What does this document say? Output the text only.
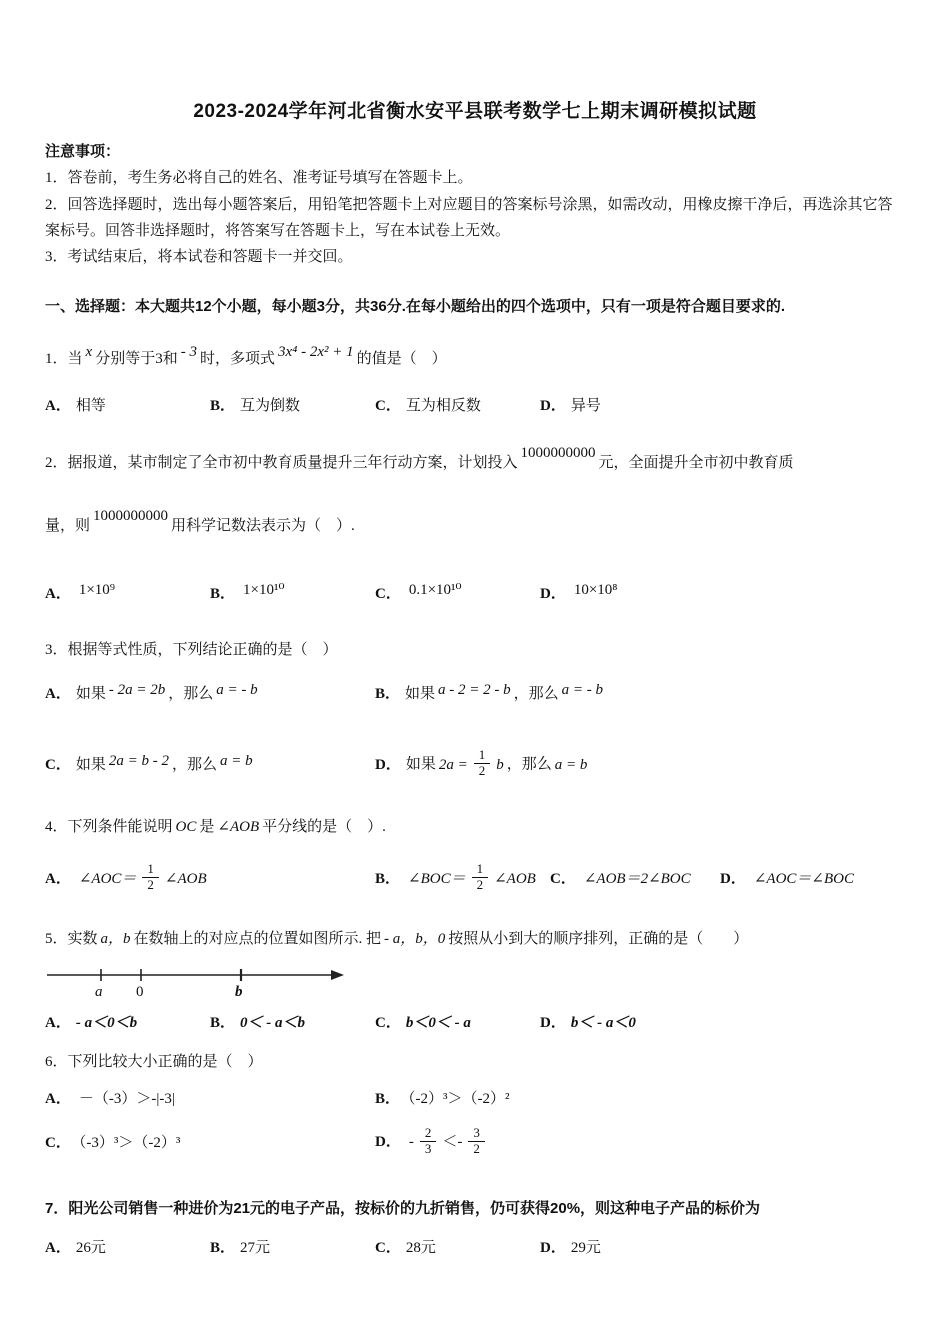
2023-2024学年河北省衡水安平县联考数学七上期末调研模拟试题

注意事项：

1．答卷前，考生务必将自己的姓名、准考证号填写在答题卡上。

2．回答选择题时，选出每小题答案后，用铅笔把答题卡上对应题目的答案标号涂黑，如需改动，用橡皮擦干净后，再选涂其它答案标号。回答非选择题时，将答案写在答题卡上，写在本试卷上无效。

3．考试结束后，将本试卷和答题卡一并交回。

一、选择题：本大题共12个小题，每小题3分，共36分.在每小题给出的四个选项中，只有一项是符合题目要求的.

1．当 x 分别等于3和 - 3 时，多项式 3x⁴ - 2x² + 1 的值是（　）

A． 相等	B． 互为倒数	C． 互为相反数	D． 异号

2．据报道，某市制定了全市初中教育质量提升三年行动方案，计划投入1000000000元，全面提升全市初中教育质

量，则1000000000用科学记数法表示为（　）.

A． 1×10⁹	B． 1×10¹⁰	C． 0.1×10¹⁰	D． 10×10⁸

3．根据等式性质，下列结论正确的是（　）

A． 如果 - 2a = 2b ，那么 a = - b	B． 如果 a - 2 = 2 - b ，那么 a = - b
C． 如果 2a = b - 2 ，那么 a = b	D． 如果 $2a = \frac{1}{2}$ b ，那么 a = b

4．下列条件能说明 OC 是 ∠AOB 平分线的是（　）.

A． ∠AOC＝ $\frac{1}{2}$ ∠AOB	B． ∠BOC＝ $\frac{1}{2}$ ∠AOB C． ∠AOB＝2∠BOC	D． ∠AOC＝∠BOC

5．实数 a，b 在数轴上的对应点的位置如图所示. 把 - a，b，0 按照从小到大的顺序排列，正确的是（　　）

a 0	b
A． - a＜0＜b	B． 0＜ - a＜b	C． b＜0＜ - a	D． b＜ - a＜0

6．下列比较大小正确的是（　）

A． －（-3）＞-|-3|	B． （-2）³＞（-2）²
C． （-3）³＞（-2）³	D． - $\frac{2}{3} <- \frac{3}{2}$

7．阳光公司销售一种进价为21元的电子产品，按标价的九折销售，仍可获得20%，则这种电子产品的标价为

A． 26元	B． 27元	C． 28元	D． 29元
